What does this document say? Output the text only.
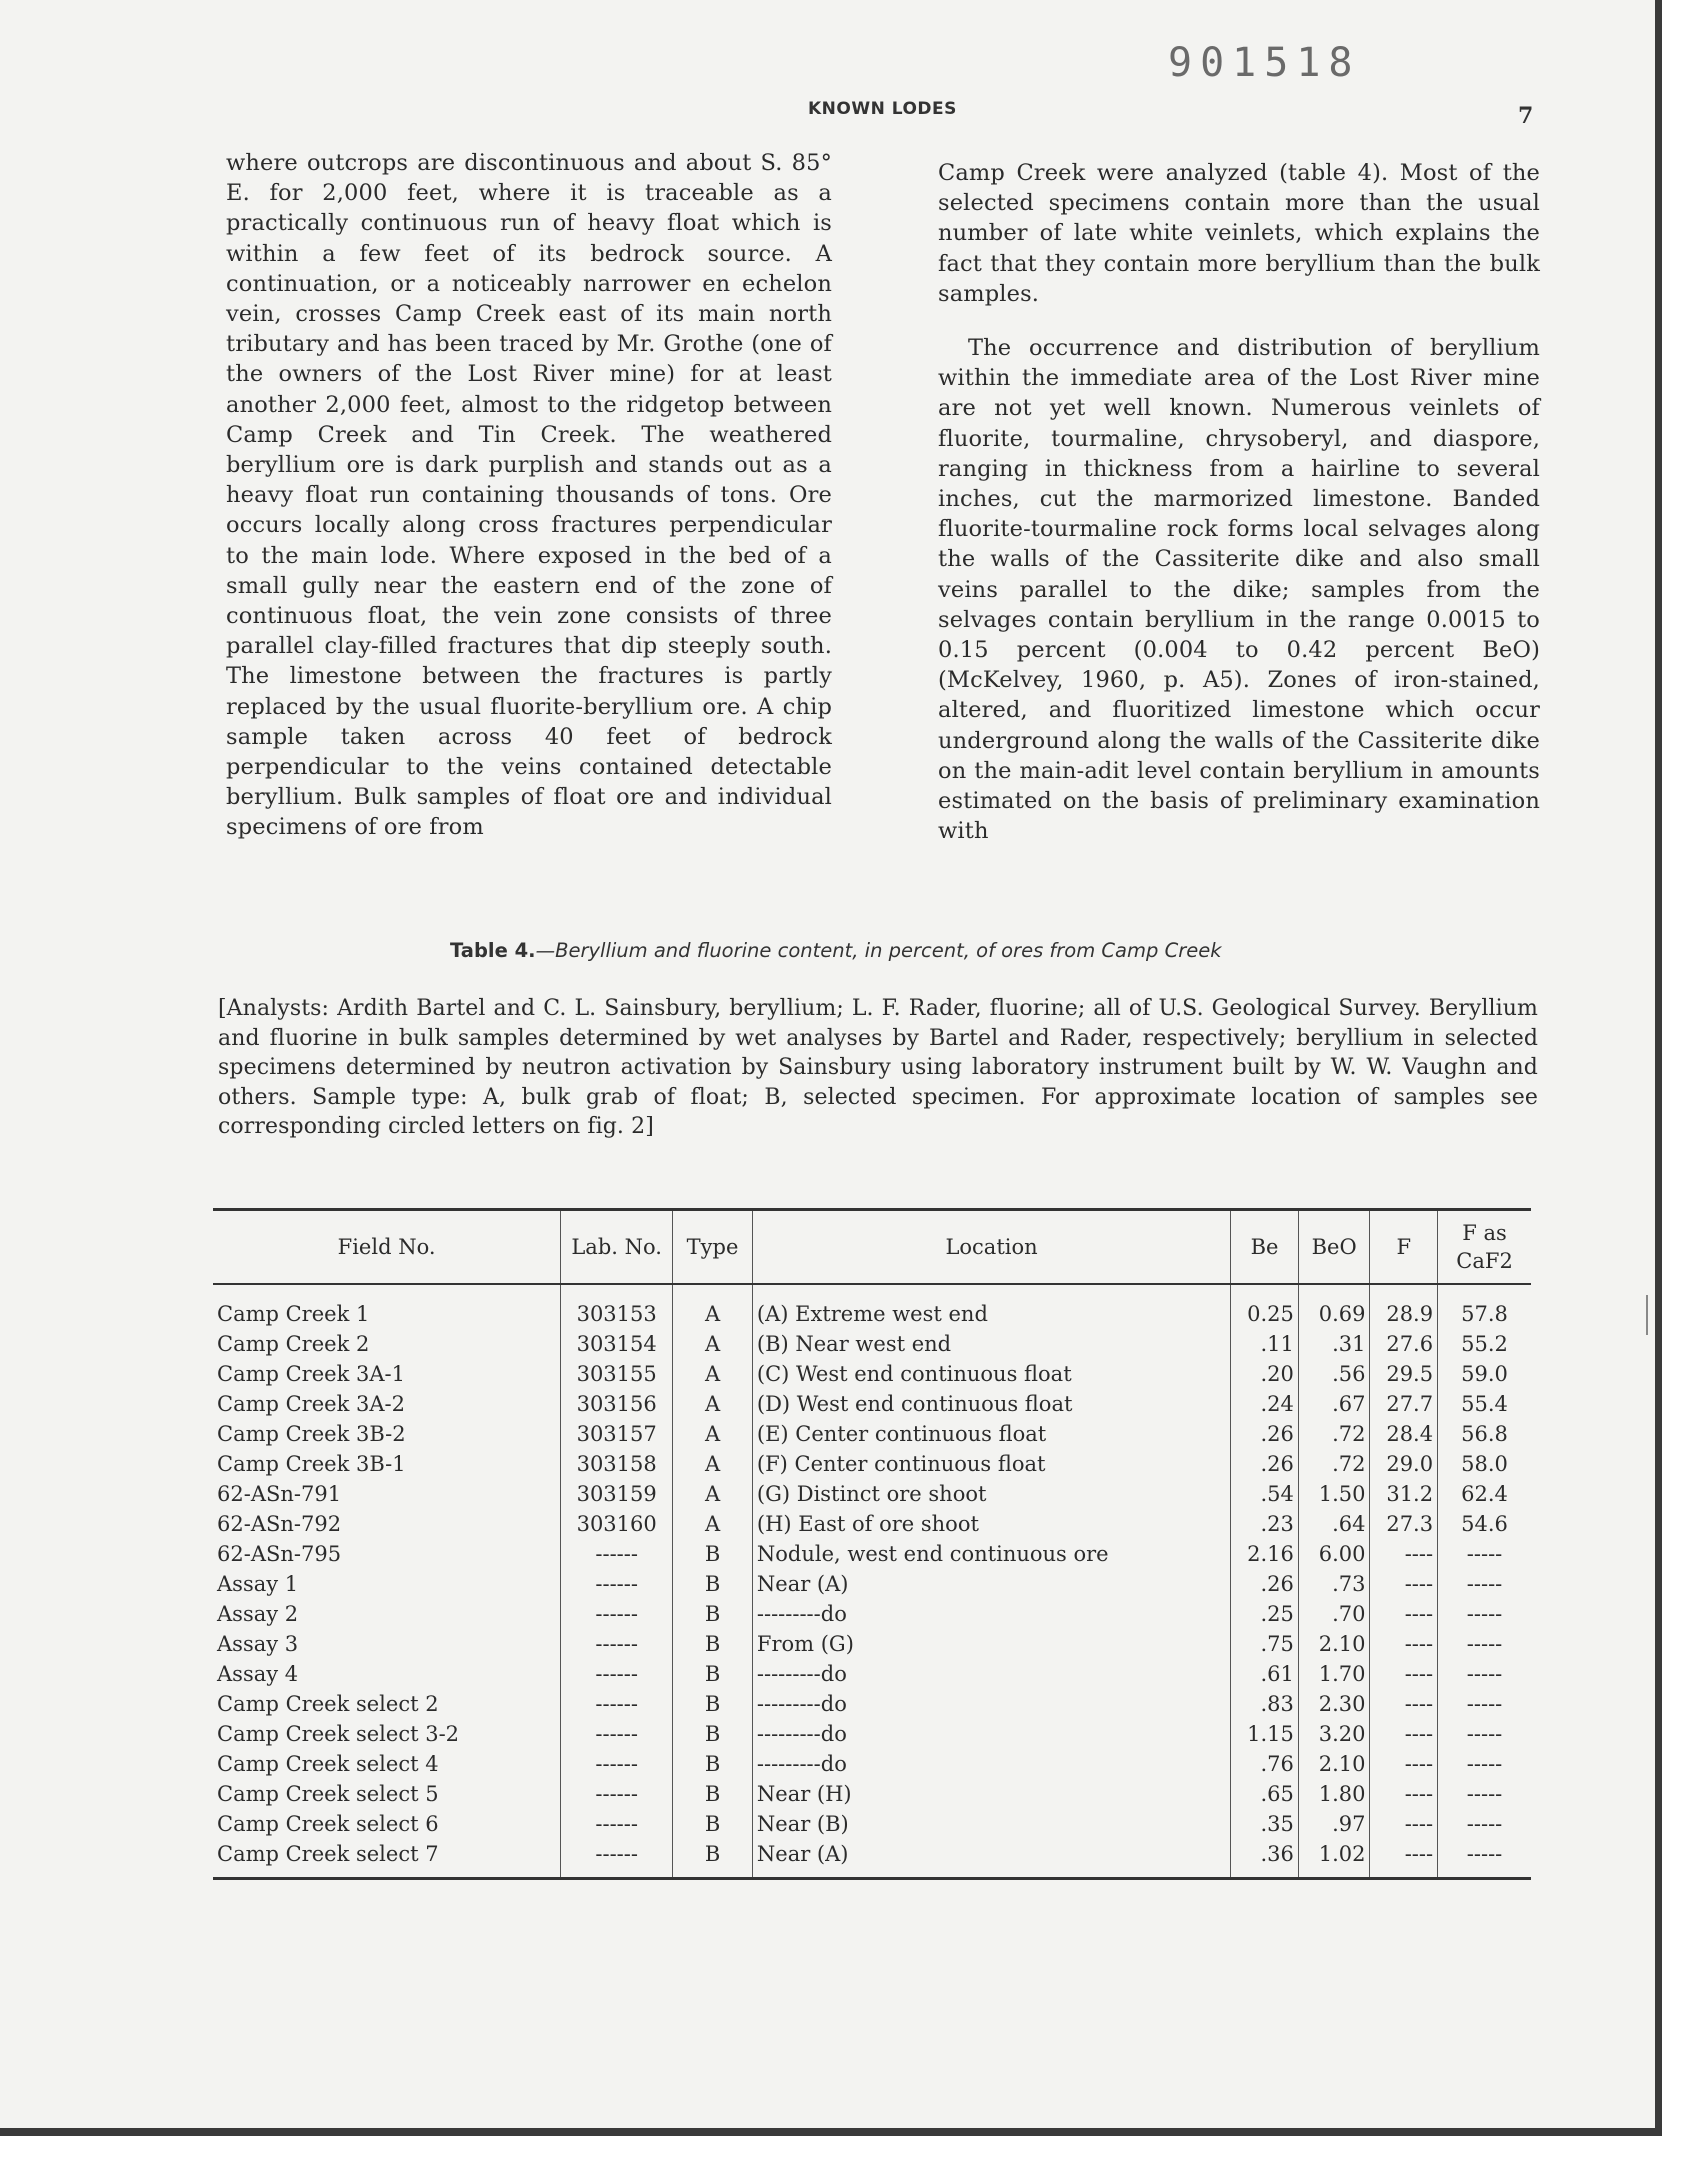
901518
KNOWN LODES	7

where outcrops are discontinuous and about S. 85° E. for 2,000 feet, where it is traceable as a practically continuous run of heavy float which is within a few feet of its bedrock source. A continuation, or a noticeably narrower en echelon vein, crosses Camp Creek east of its main north tributary and has been traced by Mr. Grothe (one of the owners of the Lost River mine) for at least another 2,000 feet, almost to the ridgetop between Camp Creek and Tin Creek. The weathered beryllium ore is dark purplish and stands out as a heavy float run containing thousands of tons. Ore occurs locally along cross fractures perpendicular to the main lode. Where exposed in the bed of a small gully near the eastern end of the zone of continuous float, the vein zone consists of three parallel clay-filled fractures that dip steeply south. The limestone between the fractures is partly replaced by the usual fluorite-beryllium ore. A chip sample taken across 40 feet of bedrock perpendicular to the veins contained detectable beryllium. Bulk samples of float ore and individual specimens of ore from

Camp Creek were analyzed (table 4). Most of the selected specimens contain more than the usual number of late white veinlets, which explains the fact that they contain more beryllium than the bulk samples.

The occurrence and distribution of beryllium within the immediate area of the Lost River mine are not yet well known. Numerous veinlets of fluorite, tourmaline, chrysoberyl, and diaspore, ranging in thickness from a hairline to several inches, cut the marmorized limestone. Banded fluorite-tourmaline rock forms local selvages along the walls of the Cassiterite dike and also small veins parallel to the dike; samples from the selvages contain beryllium in the range 0.0015 to 0.15 percent (0.004 to 0.42 percent BeO) (McKelvey, 1960, p. A5). Zones of iron-stained, altered, and fluoritized limestone which occur underground along the walls of the Cassiterite dike on the main-adit level contain beryllium in amounts estimated on the basis of preliminary examination with

Table 4.—Beryllium and fluorine content, in percent, of ores from Camp Creek
[Analysts: Ardith Bartel and C. L. Sainsbury, beryllium; L. F. Rader, fluorine; all of U.S. Geological Survey. Beryllium and fluorine in bulk samples determined by wet analyses by Bartel and Rader, respectively; beryllium in selected specimens determined by neutron activation by Sainsbury using laboratory instrument built by W. W. Vaughn and others. Sample type: A, bulk grab of float; B, selected specimen. For approximate location of samples see corresponding circled letters on fig. 2]
Field No.	Lab. No.	Type	Location	Be	BeO	F	F as CaF2
Camp Creek 1	303153	A	(A) Extreme west end	0.25	0.69	28.9	57.8
Camp Creek 2	303154	A	(B) Near west end	.11	.31	27.6	55.2
Camp Creek 3A-1	303155	A	(C) West end continuous float	.20	.56	29.5	59.0
Camp Creek 3A-2	303156	A	(D) West end continuous float	.24	.67	27.7	55.4
Camp Creek 3B-2	303157	A	(E) Center continuous float	.26	.72	28.4	56.8
Camp Creek 3B-1	303158	A	(F) Center continuous float	.26	.72	29.0	58.0
62-ASn-791	303159	A	(G) Distinct ore shoot	.54	1.50	31.2	62.4
62-ASn-792	303160	A	(H) East of ore shoot	.23	.64	27.3	54.6
62-ASn-795	------	B	Nodule, west end continuous ore	2.16	6.00	----	-----
Assay 1	------	B	Near (A)	.26	.73	----	-----
Assay 2	------	B	---------do	.25	.70	----	-----
Assay 3	------	B	From (G)	.75	2.10	----	-----
Assay 4	------	B	---------do	.61	1.70	----	-----
Camp Creek select 2	------	B	---------do	.83	2.30	----	-----
Camp Creek select 3-2	------	B	---------do	1.15	3.20	----	-----
Camp Creek select 4	------	B	---------do	.76	2.10	----	-----
Camp Creek select 5	------	B	Near (H)	.65	1.80	----	-----
Camp Creek select 6	------	B	Near (B)	.35	.97	----	-----
Camp Creek select 7	------	B	Near (A)	.36	1.02	----	-----
